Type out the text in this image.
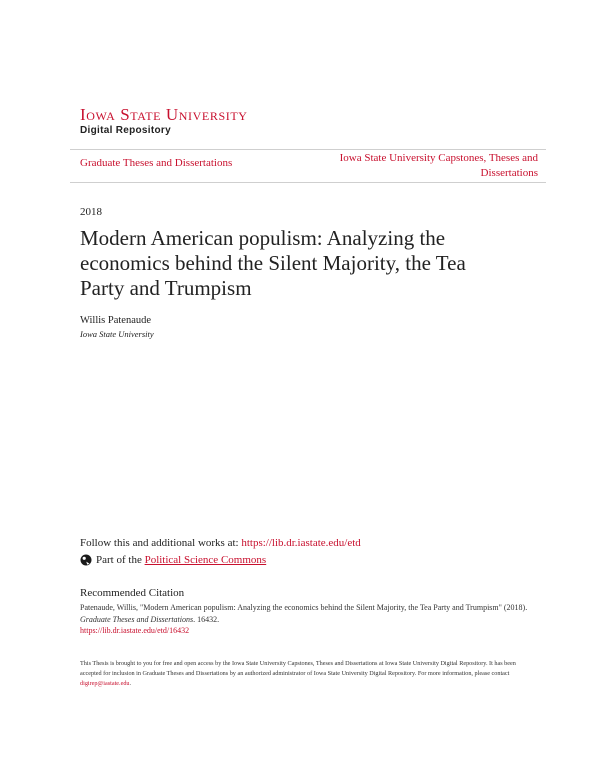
Iowa State University
Digital Repository
Graduate Theses and Dissertations	Iowa State University Capstones, Theses and Dissertations
2018
Modern American populism: Analyzing the economics behind the Silent Majority, the Tea Party and Trumpism
Willis Patenaude
Iowa State University
Follow this and additional works at: https://lib.dr.iastate.edu/etd
Part of the
Political Science Commons
Recommended Citation
Patenaude, Willis, "Modern American populism: Analyzing the economics behind the Silent Majority, the Tea Party and Trumpism" (2018). Graduate Theses and Dissertations. 16432.
https://lib.dr.iastate.edu/etd/16432
This Thesis is brought to you for free and open access by the Iowa State University Capstones, Theses and Dissertations at Iowa State University Digital Repository. It has been accepted for inclusion in Graduate Theses and Dissertations by an authorized administrator of Iowa State University Digital Repository. For more information, please contact digirep@iastate.edu.
